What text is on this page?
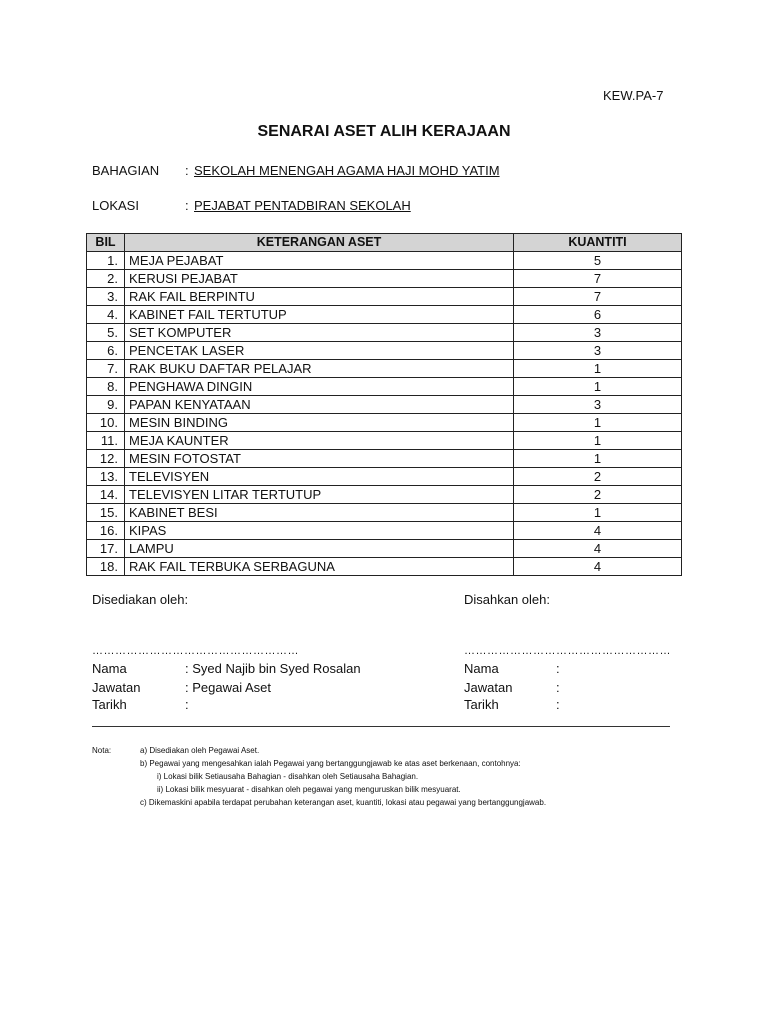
KEW.PA-7
SENARAI ASET ALIH KERAJAAN
BAHAGIAN : SEKOLAH MENENGAH AGAMA HAJI MOHD YATIM
LOKASI	: PEJABAT PENTADBIRAN SEKOLAH
BIL	KETERANGAN ASET	KUANTITI
1.	MEJA PEJABAT	5
2.	KERUSI PEJABAT	7
3.	RAK FAIL BERPINTU	7
4.	KABINET FAIL TERTUTUP	6
5.	SET KOMPUTER	3
6.	PENCETAK LASER	3
7.	RAK BUKU DAFTAR PELAJAR	1
8.	PENGHAWA DINGIN	1
9.	PAPAN KENYATAAN	3
10.	MESIN BINDING	1
11.	MEJA KAUNTER	1
12.	MESIN FOTOSTAT	1
13.	TELEVISYEN	2
14.	TELEVISYEN LITAR TERTUTUP	2
15.	KABINET BESI	1
16.	KIPAS	4
17.	LAMPU	4
18.	RAK FAIL TERBUKA SERBAGUNA	4
Disediakan oleh:	Disahkan oleh:
………………………………………………	………………………………………………
Nama	: Syed Najib bin Syed Rosalan
Jawatan	: Pegawai Aset
Tarikh	:
Nama	:
Jawatan	:
Tarikh	:
Nota:	a) Disediakan oleh Pegawai Aset.
b) Pegawai yang mengesahkan ialah Pegawai yang bertanggungjawab ke atas aset berkenaan, contohnya:
i) Lokasi bilik Setiausaha Bahagian - disahkan oleh Setiausaha Bahagian.
ii) Lokasi bilik mesyuarat - disahkan oleh pegawai yang menguruskan bilik mesyuarat.
c) Dikemaskini apabila terdapat perubahan keterangan aset, kuantiti, lokasi atau pegawai yang bertanggungjawab.
